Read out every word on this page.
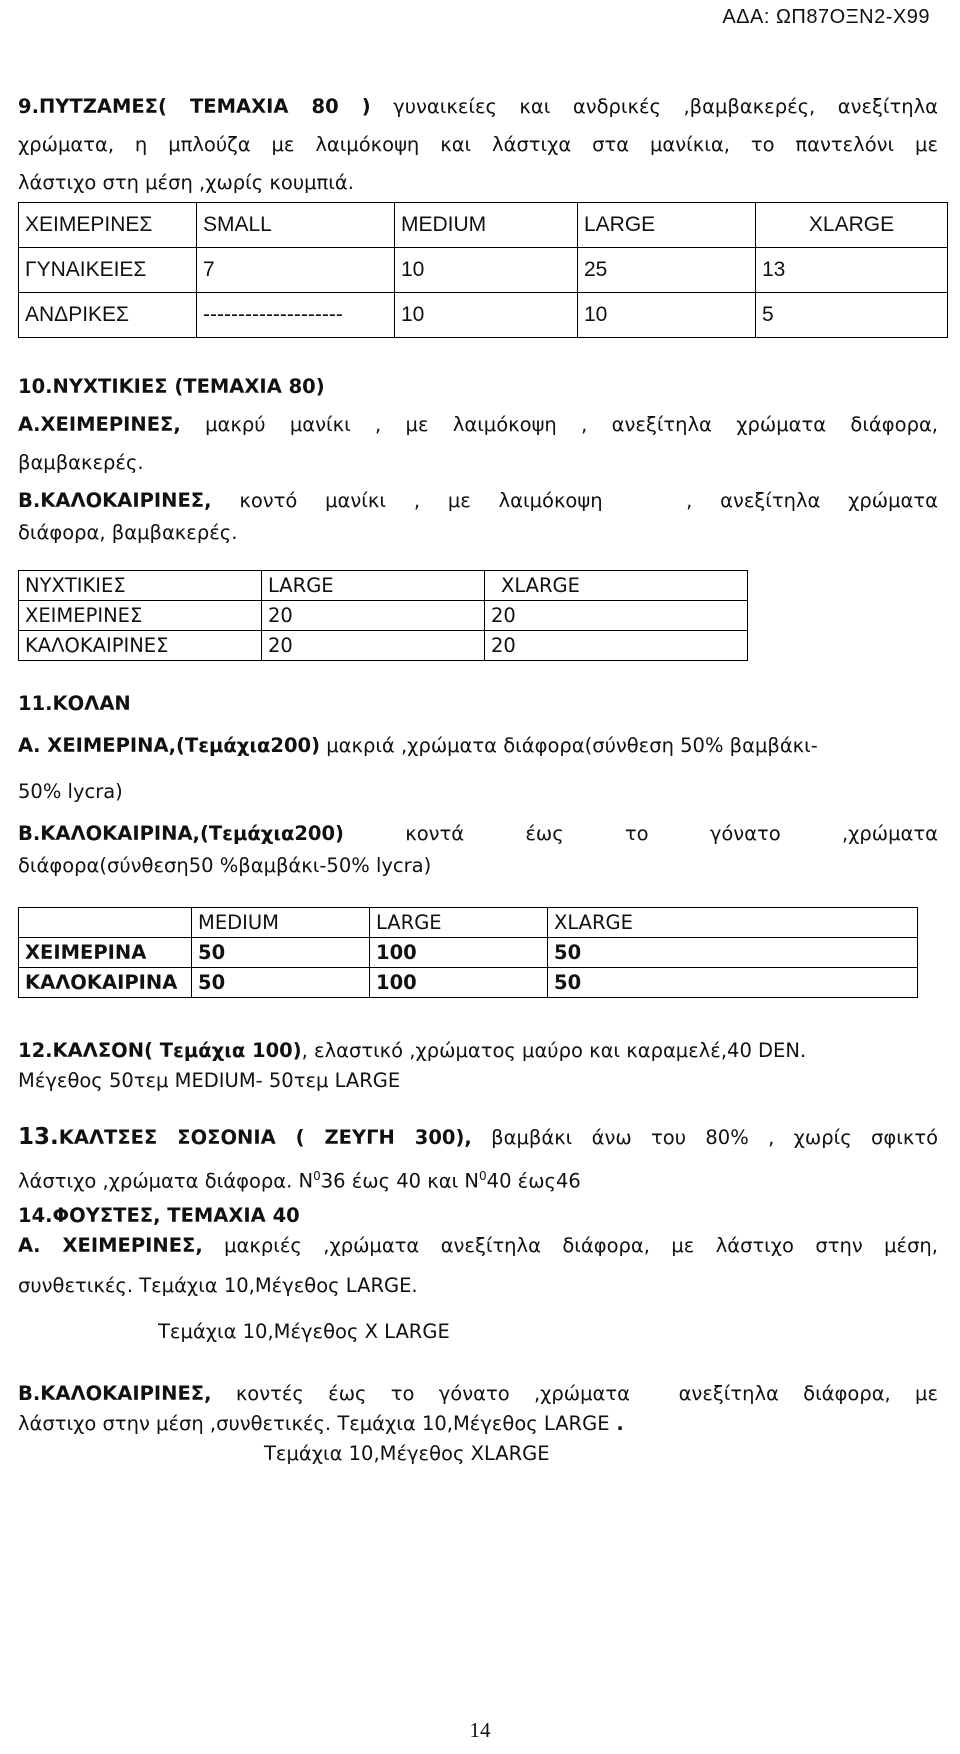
ΑΔΑ: ΩΠ87ΟΞΝ2-Χ99

9.ΠΥΤΖΑΜΕΣ( ΤΕΜΑΧΙΑ 80 ) γυναικείες και ανδρικές ,βαμβακερές, ανεξίτηλα

χρώματα, η μπλούζα με λαιμόκοψη και λάστιχα στα μανίκια, το παντελόνι με

λάστιχο στη μέση ,χωρίς κουμπιά.

ΧΕΙΜΕΡΙΝΕΣ	SMALL	MEDIUM	LARGE	XLARGE
ΓΥΝΑΙΚΕΙΕΣ	7	10	25	13
ΑΝΔΡΙΚΕΣ	--------------------	10	10	5

10.ΝΥΧΤΙΚΙΕΣ (ΤΕΜΑΧΙΑ 80)

Α.ΧΕΙΜΕΡΙΝΕΣ, μακρύ μανίκι , με λαιμόκοψη , ανεξίτηλα χρώματα διάφορα,

βαμβακερές.

Β.ΚΑΛΟΚΑΙΡΙΝΕΣ, κοντό μανίκι , με λαιμόκοψη   , ανεξίτηλα χρώματα

διάφορα, βαμβακερές.

ΝΥΧΤΙΚΙΕΣ	LARGE	XLARGE
ΧΕΙΜΕΡΙΝΕΣ	20	20
ΚΑΛΟΚΑΙΡΙΝΕΣ	20	20

11.ΚΟΛΑΝ

Α. ΧΕΙΜΕΡΙΝΑ,(Τεμάχια200) μακριά ,χρώματα διάφορα(σύνθεση 50% βαμβάκι-

50% lycra)

Β.ΚΑΛΟΚΑΙΡΙΝΑ,(Τεμάχια200) κοντά έως το γόνατο ,χρώματα

διάφορα(σύνθεση50 %βαμβάκι-50% lycra)

	MEDIUM	LARGE	XLARGE
ΧΕΙΜΕΡΙΝΑ	50	100	50
ΚΑΛΟΚΑΙΡΙΝΑ	50	100	50

12.ΚΑΛΣΟΝ( Τεμάχια 100), ελαστικό ,χρώματος μαύρο και καραμελέ,40 DEN.

Μέγεθος 50τεμ MEDIUM- 50τεμ LARGE

13.ΚΑΛΤΣΕΣ ΣΟΣΟΝΙΑ ( ΖΕΥΓΗ 300), βαμβάκι άνω του 80% , χωρίς σφικτό

λάστιχο ,χρώματα διάφορα. $N^036$ έως 40 και $N^040$ έως46

14.ΦΟΥΣΤΕΣ, ΤΕΜΑΧΙΑ 40

Α. ΧΕΙΜΕΡΙΝΕΣ, μακριές ,χρώματα ανεξίτηλα διάφορα, με λάστιχο στην μέση,

συνθετικές. Τεμάχια 10,Μέγεθος LARGE.

Τεμάχια 10,Μέγεθος Χ LARGE

Β.ΚΑΛΟΚΑΙΡΙΝΕΣ, κοντές έως το γόνατο ,χρώματα  ανεξίτηλα διάφορα, με

λάστιχο στην μέση ,συνθετικές. Τεμάχια 10,Μέγεθος LARGE .

Τεμάχια 10,Μέγεθος XLARGE

14
